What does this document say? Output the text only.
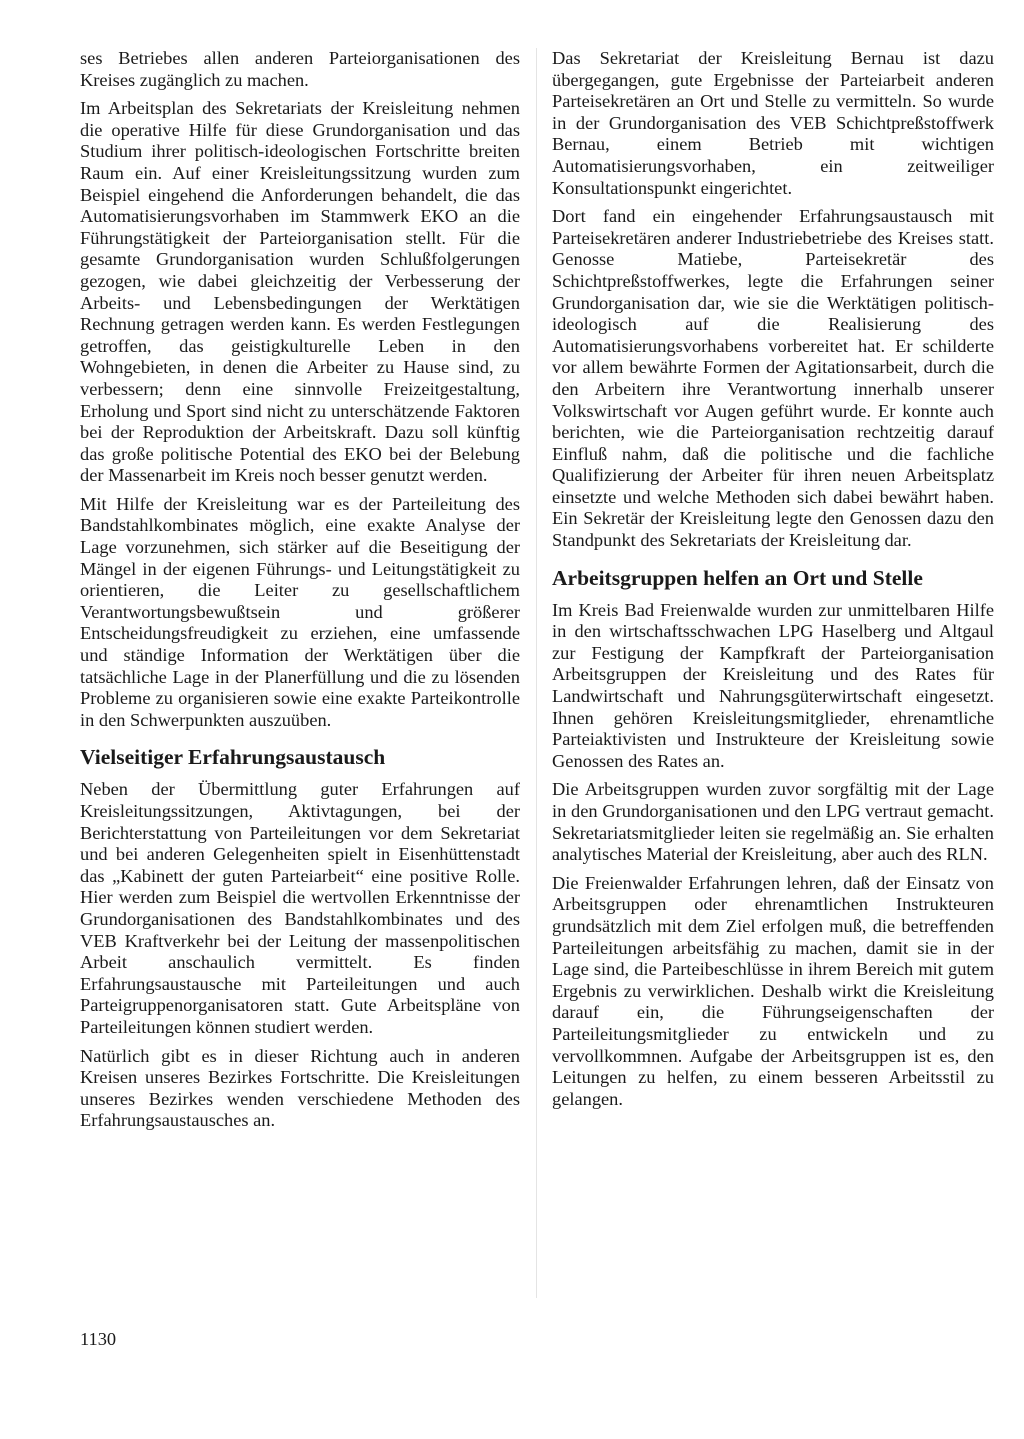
ses Betriebes allen anderen Parteiorganisationen des Kreises zugänglich zu machen.

Im Arbeitsplan des Sekretariats der Kreisleitung nehmen die operative Hilfe für diese Grundorganisation und das Studium ihrer politisch-ideologischen Fortschritte breiten Raum ein. Auf einer Kreisleitungssitzung wurden zum Beispiel eingehend die Anforderungen behandelt, die das Automatisierungsvorhaben im Stammwerk EKO an die Führungstätigkeit der Parteiorganisation stellt. Für die gesamte Grundorganisation wurden Schlußfolgerungen gezogen, wie dabei gleichzeitig der Verbesserung der Arbeits- und Lebensbedingungen der Werktätigen Rechnung getragen werden kann. Es werden Festlegungen getroffen, das geistigkulturelle Leben in den Wohngebieten, in denen die Arbeiter zu Hause sind, zu verbessern; denn eine sinnvolle Freizeitgestaltung, Erholung und Sport sind nicht zu unterschätzende Faktoren bei der Reproduktion der Arbeitskraft. Dazu soll künftig das große politische Potential des EKO bei der Belebung der Massenarbeit im Kreis noch besser genutzt werden.

Mit Hilfe der Kreisleitung war es der Parteileitung des Bandstahlkombinates möglich, eine exakte Analyse der Lage vorzunehmen, sich stärker auf die Beseitigung der Mängel in der eigenen Führungs- und Leitungstätigkeit zu orientieren, die Leiter zu gesellschaftlichem Verantwortungsbewußtsein und größerer Entscheidungsfreudigkeit zu erziehen, eine umfassende und ständige Information der Werktätigen über die tatsächliche Lage in der Planerfüllung und die zu lösenden Probleme zu organisieren sowie eine exakte Parteikontrolle in den Schwerpunkten auszuüben.

Vielseitiger Erfahrungsaustausch

Neben der Übermittlung guter Erfahrungen auf Kreisleitungssitzungen, Aktivtagungen, bei der Berichterstattung von Parteileitungen vor dem Sekretariat und bei anderen Gelegenheiten spielt in Eisenhüttenstadt das „Kabinett der guten Parteiarbeit“ eine positive Rolle. Hier werden zum Beispiel die wertvollen Erkenntnisse der Grundorganisationen des Bandstahlkombinates und des VEB Kraftverkehr bei der Leitung der massenpolitischen Arbeit anschaulich vermittelt. Es finden Erfahrungsaustausche mit Parteileitungen und auch Parteigruppenorganisatoren statt. Gute Arbeitspläne von Parteileitungen können studiert werden.

Natürlich gibt es in dieser Richtung auch in anderen Kreisen unseres Bezirkes Fortschritte. Die Kreisleitungen unseres Bezirkes wenden verschiedene Methoden des Erfahrungsaustausches an.

Das Sekretariat der Kreisleitung Bernau ist dazu übergegangen, gute Ergebnisse der Parteiarbeit anderen Parteisekretären an Ort und Stelle zu vermitteln. So wurde in der Grundorganisation des VEB Schichtpreßstoffwerk Bernau, einem Betrieb mit wichtigen Automatisierungsvorhaben, ein zeitweiliger Konsultationspunkt eingerichtet.

Dort fand ein eingehender Erfahrungsaustausch mit Parteisekretären anderer Industriebetriebe des Kreises statt. Genosse Matiebe, Parteisekretär des Schichtpreßstoffwerkes, legte die Erfahrungen seiner Grundorganisation dar, wie sie die Werktätigen politisch-ideologisch auf die Realisierung des Automatisierungsvorhabens vorbereitet hat. Er schilderte vor allem bewährte Formen der Agitationsarbeit, durch die den Arbeitern ihre Verantwortung innerhalb unserer Volkswirtschaft vor Augen geführt wurde. Er konnte auch berichten, wie die Parteiorganisation rechtzeitig darauf Einfluß nahm, daß die politische und die fachliche Qualifizierung der Arbeiter für ihren neuen Arbeitsplatz einsetzte und welche Methoden sich dabei bewährt haben. Ein Sekretär der Kreisleitung legte den Genossen dazu den Standpunkt des Sekretariats der Kreisleitung dar.

Arbeitsgruppen helfen an Ort und Stelle

Im Kreis Bad Freienwalde wurden zur unmittelbaren Hilfe in den wirtschaftsschwachen LPG Haselberg und Altgaul zur Festigung der Kampfkraft der Parteiorganisation Arbeitsgruppen der Kreisleitung und des Rates für Landwirtschaft und Nahrungsgüterwirtschaft eingesetzt. Ihnen gehören Kreisleitungsmitglieder, ehrenamtliche Parteiaktivisten und Instrukteure der Kreisleitung sowie Genossen des Rates an.

Die Arbeitsgruppen wurden zuvor sorgfältig mit der Lage in den Grundorganisationen und den LPG vertraut gemacht. Sekretariatsmitglieder leiten sie regelmäßig an. Sie erhalten analytisches Material der Kreisleitung, aber auch des RLN.

Die Freienwalder Erfahrungen lehren, daß der Einsatz von Arbeitsgruppen oder ehrenamtlichen Instrukteuren grundsätzlich mit dem Ziel erfolgen muß, die betreffenden Parteileitungen arbeitsfähig zu machen, damit sie in der Lage sind, die Parteibeschlüsse in ihrem Bereich mit gutem Ergebnis zu verwirklichen. Deshalb wirkt die Kreisleitung darauf ein, die Führungseigenschaften der Parteileitungsmitglieder zu entwickeln und zu vervollkommnen. Aufgabe der Arbeitsgruppen ist es, den Leitungen zu helfen, zu einem besseren Arbeitsstil zu gelangen.

1130
